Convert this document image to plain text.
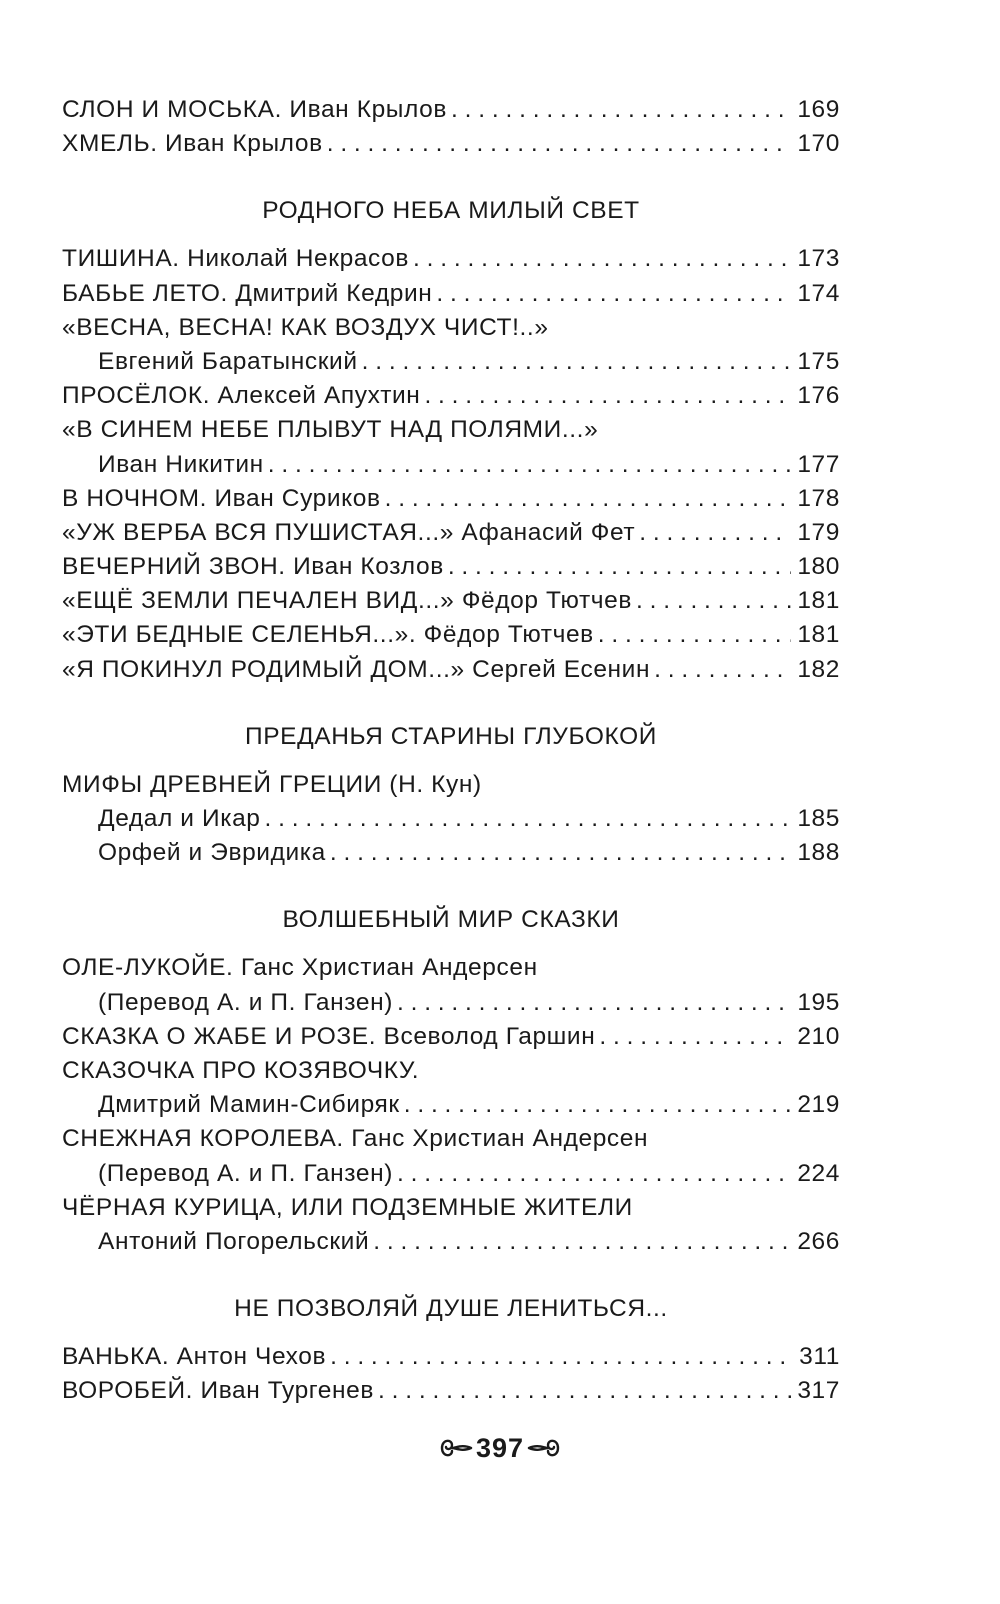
СЛОН И МОСЬКА. Иван Крылов . . .	169
ХМЕЛЬ. Иван Крылов . . .	170
РОДНОГО НЕБА МИЛЫЙ СВЕТ
ТИШИНА. Николай Некрасов . . .	173
БАБЬЕ ЛЕТО. Дмитрий Кедрин . . .	174
«ВЕСНА, ВЕСНА! КАК ВОЗДУХ ЧИСТ!..»
Евгений Баратынский . . .	175
ПРОСЁЛОК. Алексей Апухтин . . .	176
«В СИНЕМ НЕБЕ ПЛЫВУТ НАД ПОЛЯМИ...»
Иван Никитин . . .	177
В НОЧНОМ. Иван Суриков . . .	178
«УЖ ВЕРБА ВСЯ ПУШИСТАЯ...» Афанасий Фет . . .	179
ВЕЧЕРНИЙ ЗВОН. Иван Козлов . . .	180
«ЕЩЁ ЗЕМЛИ ПЕЧАЛЕН ВИД...» Фёдор Тютчев . . .	181
«ЭТИ БЕДНЫЕ СЕЛЕНЬЯ...». Фёдор Тютчев . . .	181
«Я ПОКИНУЛ РОДИМЫЙ ДОМ...» Сергей Есенин . . .	182
ПРЕДАНЬЯ СТАРИНЫ ГЛУБОКОЙ
МИФЫ ДРЕВНЕЙ ГРЕЦИИ (Н. Кун)
Дедал и Икар . . .	185
Орфей и Эвридика . . .	188
ВОЛШЕБНЫЙ МИР СКАЗКИ
ОЛЕ-ЛУКОЙЕ. Ганс Христиан Андерсен
(Перевод А. и П. Ганзен) . . .	195
СКАЗКА О ЖАБЕ И РОЗЕ. Всеволод Гаршин . . .	210
СКАЗОЧКА ПРО КОЗЯВОЧКУ.
Дмитрий Мамин-Сибиряк . . .	219
СНЕЖНАЯ КОРОЛЕВА. Ганс Христиан Андерсен
(Перевод А. и П. Ганзен) . . .	224
ЧЁРНАЯ КУРИЦА, ИЛИ ПОДЗЕМНЫЕ ЖИТЕЛИ
Антоний Погорельский . . .	266
НЕ ПОЗВОЛЯЙ ДУШЕ ЛЕНИТЬСЯ...
ВАНЬКА. Антон Чехов . . .	311
ВОРОБЕЙ. Иван Тургенев . . .	317
397
